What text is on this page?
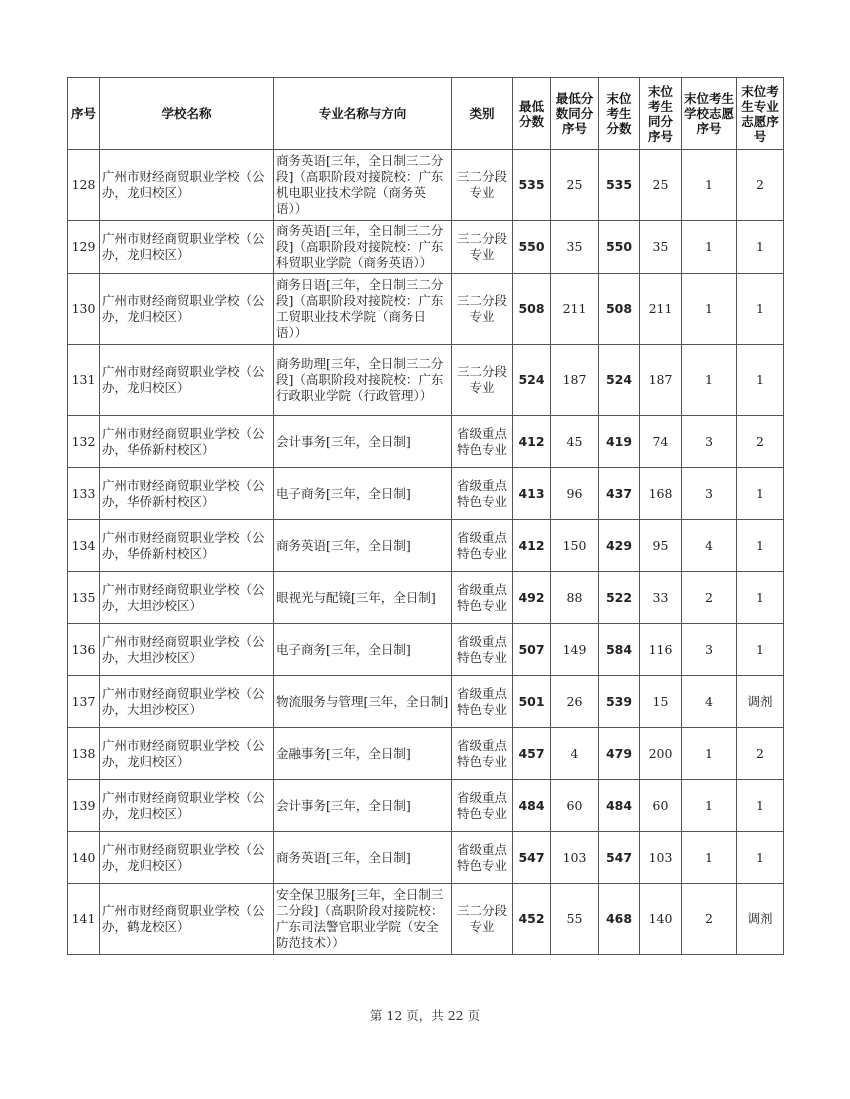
序号	学校名称	专业名称与方向	类别	最低分数	最低分数同分序号	末位考生分数	末位考生同分序号	末位考生学校志愿序号	末位考生专业志愿序号
128	广州市财经商贸职业学校（公办，龙归校区）	商务英语[三年，全日制三二分段]（高职阶段对接院校：广东机电职业技术学院（商务英语））	三二分段专业	535	25	535	25	1	2
129	广州市财经商贸职业学校（公办，龙归校区）	商务英语[三年，全日制三二分段]（高职阶段对接院校：广东科贸职业学院（商务英语））	三二分段专业	550	35	550	35	1	1
130	广州市财经商贸职业学校（公办，龙归校区）	商务日语[三年，全日制三二分段]（高职阶段对接院校：广东工贸职业技术学院（商务日语））	三二分段专业	508	211	508	211	1	1
131	广州市财经商贸职业学校（公办，龙归校区）	商务助理[三年，全日制三二分段]（高职阶段对接院校：广东行政职业学院（行政管理））	三二分段专业	524	187	524	187	1	1
132	广州市财经商贸职业学校（公办，华侨新村校区）	会计事务[三年，全日制]	省级重点特色专业	412	45	419	74	3	2
133	广州市财经商贸职业学校（公办，华侨新村校区）	电子商务[三年，全日制]	省级重点特色专业	413	96	437	168	3	1
134	广州市财经商贸职业学校（公办，华侨新村校区）	商务英语[三年，全日制]	省级重点特色专业	412	150	429	95	4	1
135	广州市财经商贸职业学校（公办，大坦沙校区）	眼视光与配镜[三年，全日制]	省级重点特色专业	492	88	522	33	2	1
136	广州市财经商贸职业学校（公办，大坦沙校区）	电子商务[三年，全日制]	省级重点特色专业	507	149	584	116	3	1
137	广州市财经商贸职业学校（公办，大坦沙校区）	物流服务与管理[三年，全日制]	省级重点特色专业	501	26	539	15	4	调剂
138	广州市财经商贸职业学校（公办，龙归校区）	金融事务[三年，全日制]	省级重点特色专业	457	4	479	200	1	2
139	广州市财经商贸职业学校（公办，龙归校区）	会计事务[三年，全日制]	省级重点特色专业	484	60	484	60	1	1
140	广州市财经商贸职业学校（公办，龙归校区）	商务英语[三年，全日制]	省级重点特色专业	547	103	547	103	1	1
141	广州市财经商贸职业学校（公办，鹤龙校区）	安全保卫服务[三年，全日制三二分段]（高职阶段对接院校：广东司法警官职业学院（安全防范技术））	三二分段专业	452	55	468	140	2	调剂
第 12 页，共 22 页
